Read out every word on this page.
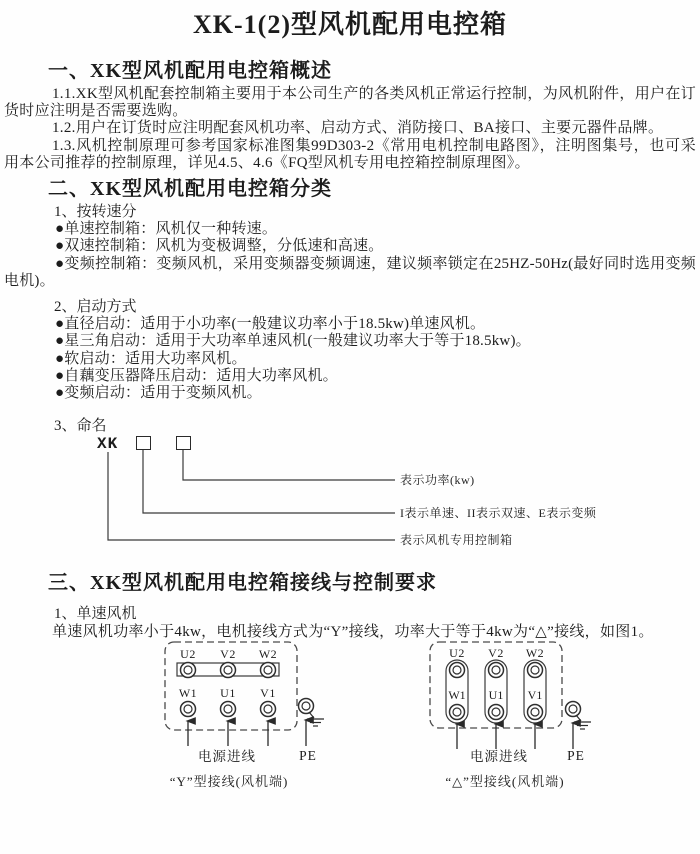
XK-1(2)型风机配用电控箱
一、XK型风机配用电控箱概述

1.1.XK型风机配套控制箱主要用于本公司生产的各类风机正常运行控制，为风机附件，用户在订货时应注明是否需要选购。

1.2.用户在订货时应注明配套风机功率、启动方式、消防接口、BA接口、主要元器件品牌。

1.3.风机控制原理可参考国家标准图集99D303-2《常用电机控制电路图》，注明图集号，也可采用本公司推荐的控制原理，详见4.5、4.6《FQ型风机专用电控箱控制原理图》。

二、XK型风机配用电控箱分类
1、按转速分
●单速控制箱：风机仅一种转速。
●双速控制箱：风机为变极调整，分低速和高速。
●变频控制箱：变频风机，采用变频器变频调速，建议频率锁定在25HZ-50Hz(最好同时选用变频电机)。
2、启动方式
●直径启动：适用于小功率(一般建议功率小于18.5kw)单速风机。
●星三角启动：适用于大功率单速风机(一般建议功率大于等于18.5kw)。
●软启动：适用大功率风机。
●自藕变压器降压启动：适用大功率风机。
●变频启动：适用于变频风机。
3、命名
XK
表示功率(kw)
I表示单速、II表示双速、E表示变频
表示风机专用控制箱
三、XK型风机配用电控箱接线与控制要求
1、单速风机

单速风机功率小于4kw，电机接线方式为“Y”接线，功率大于等于4kw为“△”接线，如图1。

U2 V2 W2
W1 U1 V1
电源进线	PE
“Y”型接线(风机端)
U2 V2 W2
W1 U1 V1
电源进线	PE
“△”型接线(风机端)
